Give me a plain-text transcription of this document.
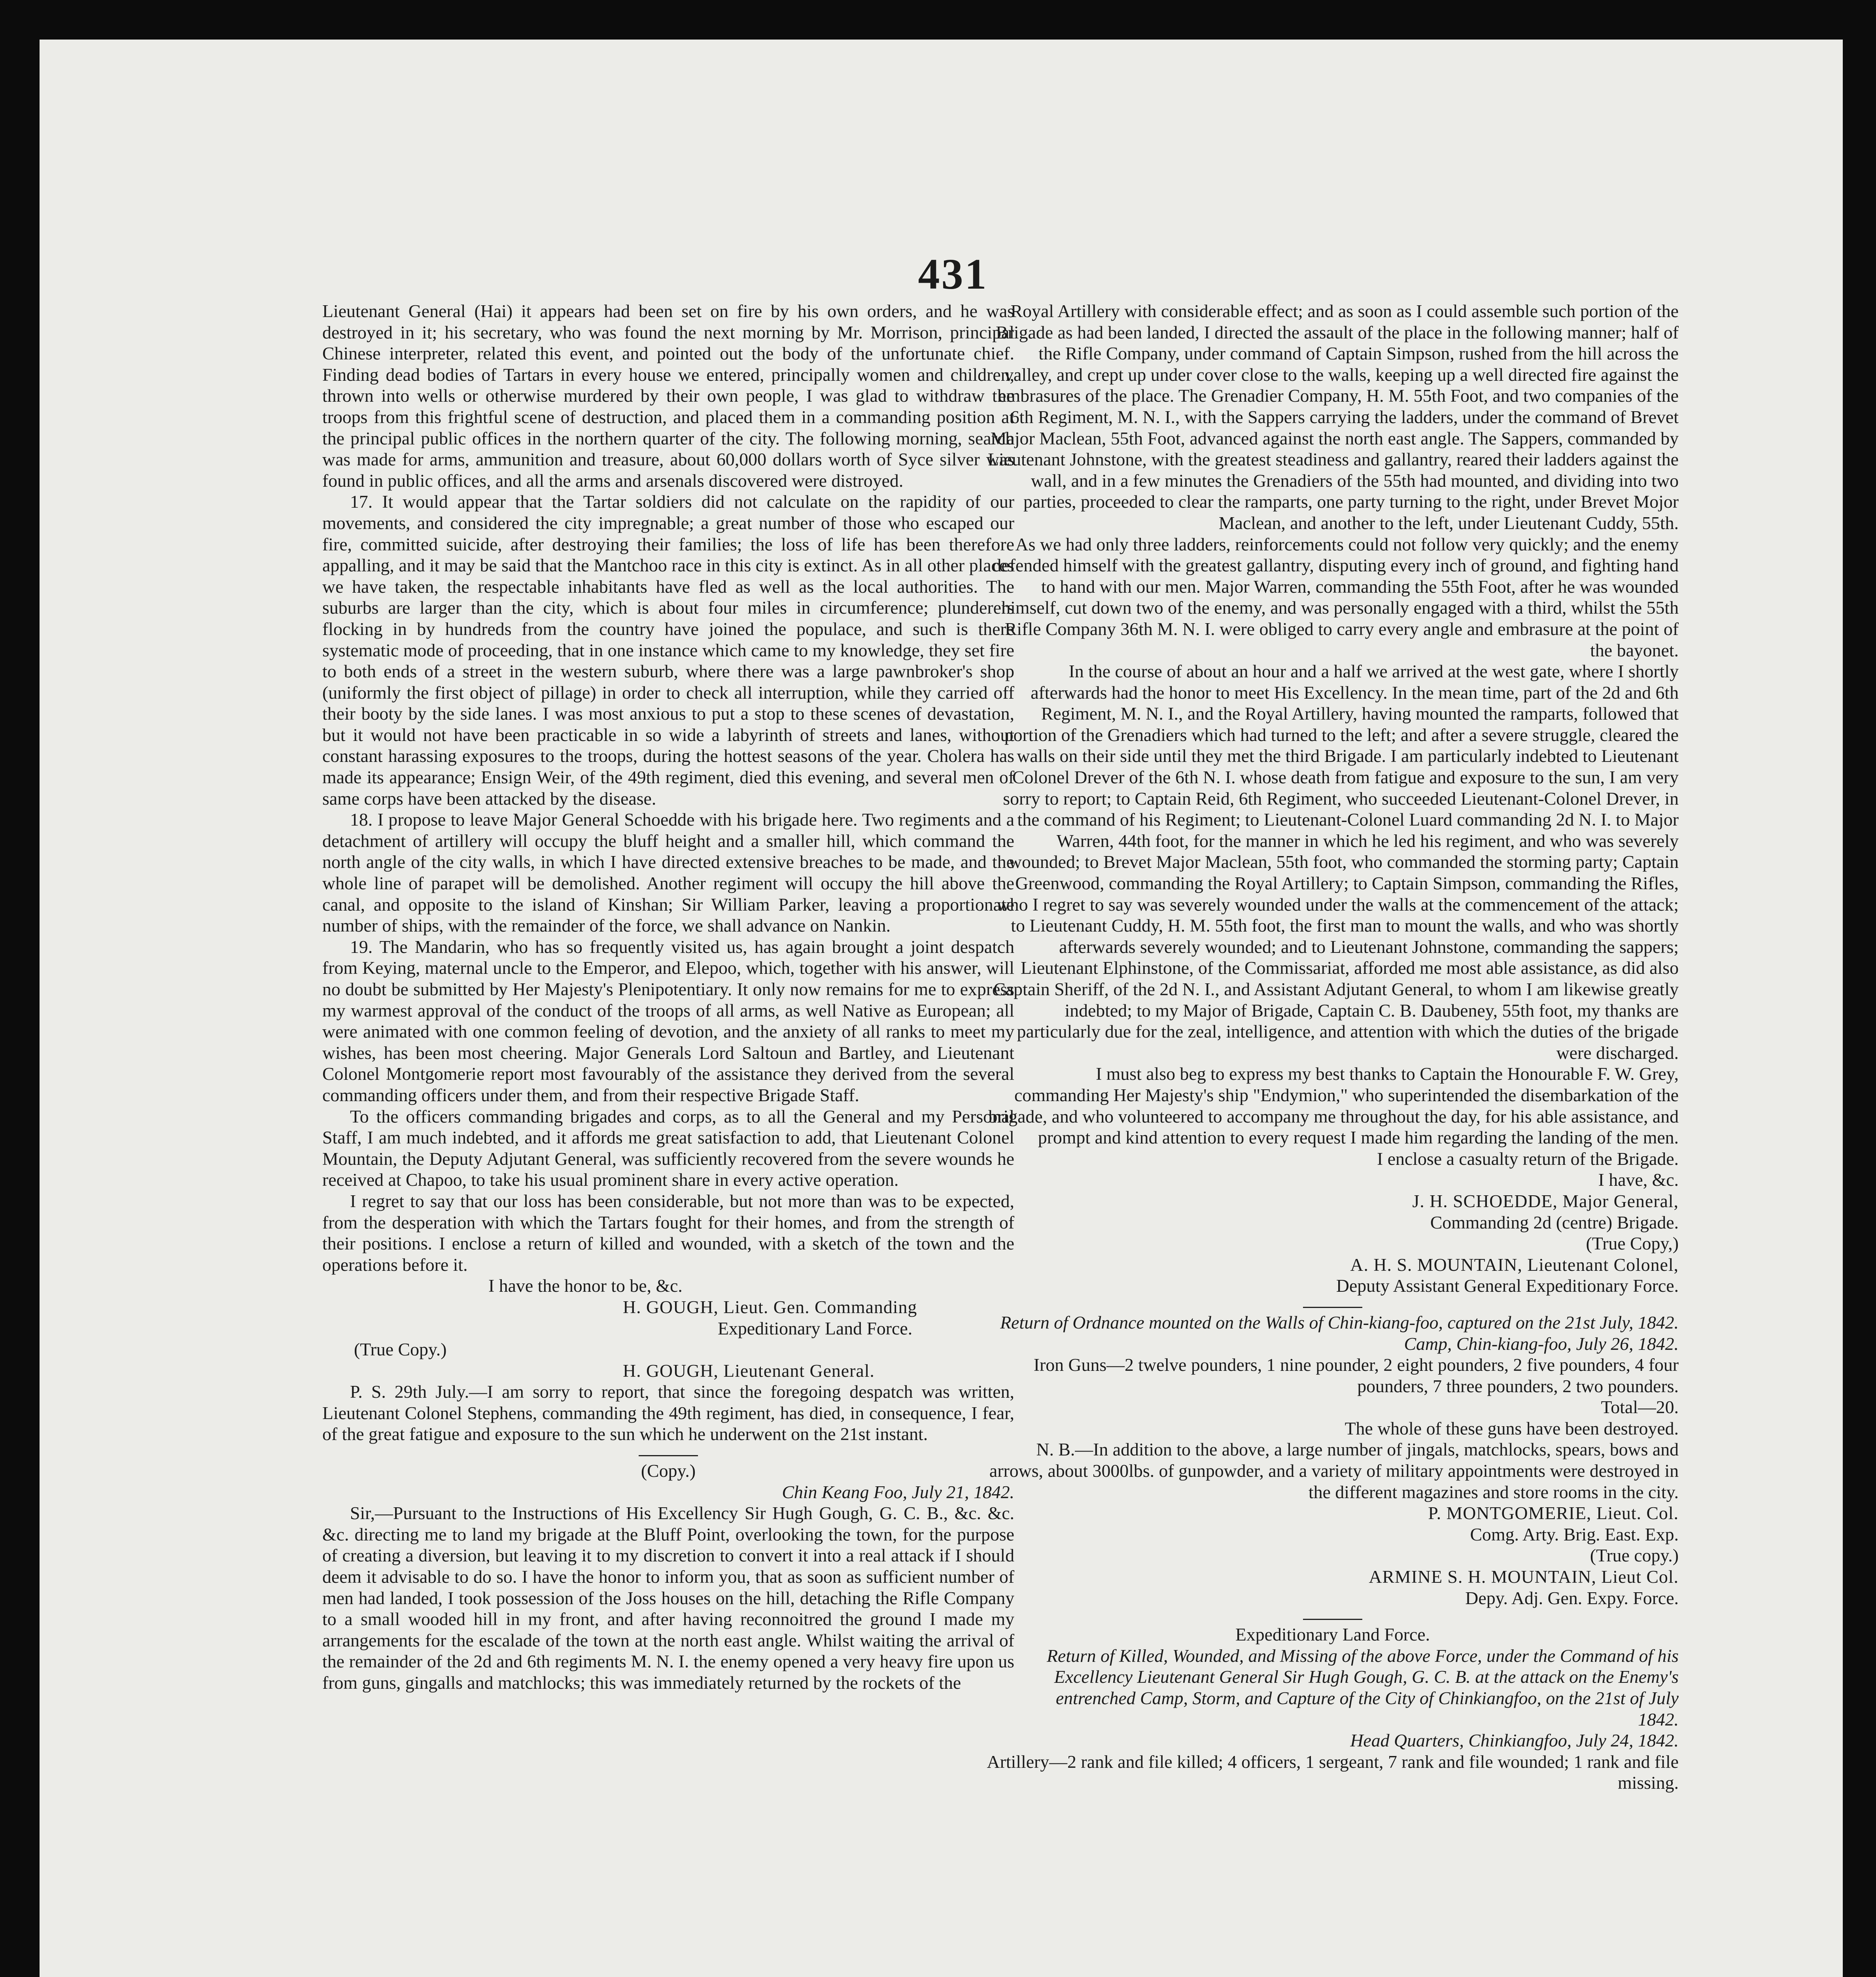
431

Lieutenant General (Hai) it appears had been set on fire by his own orders, and he was destroyed in it; his secretary, who was found the next morning by Mr. Morrison, principal Chinese interpreter, related this event, and pointed out the body of the unfortunate chief. Finding dead bodies of Tartars in every house we entered, principally women and children, thrown into wells or otherwise murdered by their own people, I was glad to withdraw the troops from this frightful scene of destruction, and placed them in a commanding position at the principal public offices in the northern quarter of the city. The following morning, search was made for arms, ammunition and treasure, about 60,000 dollars worth of Syce silver was found in public offices, and all the arms and arsenals discovered were distroyed.

17. It would appear that the Tartar soldiers did not calculate on the rapidity of our movements, and considered the city impregnable; a great number of those who escaped our fire, committed suicide, after destroying their families; the loss of life has been therefore appalling, and it may be said that the Mantchoo race in this city is extinct. As in all other places we have taken, the respectable inhabitants have fled as well as the local authorities. The suburbs are larger than the city, which is about four miles in circumference; plunderers flocking in by hundreds from the country have joined the populace, and such is there systematic mode of proceeding, that in one instance which came to my knowledge, they set fire to both ends of a street in the western suburb, where there was a large pawnbroker's shop (uniformly the first object of pillage) in order to check all interruption, while they carried off their booty by the side lanes. I was most anxious to put a stop to these scenes of devastation, but it would not have been practicable in so wide a labyrinth of streets and lanes, without constant harassing exposures to the troops, during the hottest seasons of the year. Cholera has made its appearance; Ensign Weir, of the 49th regiment, died this evening, and several men of same corps have been attacked by the disease.

18. I propose to leave Major General Schoedde with his brigade here. Two regiments and a detachment of artillery will occupy the bluff height and a smaller hill, which command the north angle of the city walls, in which I have directed extensive breaches to be made, and the whole line of parapet will be demolished. Another regiment will occupy the hill above the canal, and opposite to the island of Kinshan; Sir William Parker, leaving a proportionate number of ships, with the remainder of the force, we shall advance on Nankin.

19. The Mandarin, who has so frequently visited us, has again brought a joint despatch from Keying, maternal uncle to the Emperor, and Elepoo, which, together with his answer, will no doubt be submitted by Her Majesty's Plenipotentiary. It only now remains for me to express my warmest approval of the conduct of the troops of all arms, as well Native as European; all were animated with one common feeling of devotion, and the anxiety of all ranks to meet my wishes, has been most cheering. Major Generals Lord Saltoun and Bartley, and Lieutenant Colonel Montgomerie report most favourably of the assistance they derived from the several commanding officers under them, and from their respective Brigade Staff.

To the officers commanding brigades and corps, as to all the General and my Personal Staff, I am much indebted, and it affords me great satisfaction to add, that Lieutenant Colonel Mountain, the Deputy Adjutant General, was sufficiently recovered from the severe wounds he received at Chapoo, to take his usual prominent share in every active operation.

I regret to say that our loss has been considerable, but not more than was to be expected, from the desperation with which the Tartars fought for their homes, and from the strength of their positions. I enclose a return of killed and wounded, with a sketch of the town and the operations before it.

I have the honor to be, &c.
H. GOUGH, Lieut. Gen. Commanding
Expeditionary Land Force.
(True Copy.)
H. GOUGH, Lieutenant General.

P. S. 29th July.—I am sorry to report, that since the foregoing despatch was written, Lieutenant Colonel Stephens, commanding the 49th regiment, has died, in consequence, I fear, of the great fatigue and exposure to the sun which he underwent on the 21st instant.

(Copy.)
Chin Keang Foo, July 21, 1842.

Sir,—Pursuant to the Instructions of His Excellency Sir Hugh Gough, G. C. B., &c. &c. &c. directing me to land my brigade at the Bluff Point, overlooking the town, for the purpose of creating a diversion, but leaving it to my discretion to convert it into a real attack if I should deem it advisable to do so. I have the honor to inform you, that as soon as sufficient number of men had landed, I took possession of the Joss houses on the hill, detaching the Rifle Company to a small wooded hill in my front, and after having reconnoitred the ground I made my arrangements for the escalade of the town at the north east angle. Whilst waiting the arrival of the remainder of the 2d and 6th regiments M. N. I. the enemy opened a very heavy fire upon us from guns, gingalls and matchlocks; this was immediately returned by the rockets of the

Royal Artillery with considerable effect; and as soon as I could assemble such portion of the Brigade as had been landed, I directed the assault of the place in the following manner; half of the Rifle Company, under command of Captain Simpson, rushed from the hill across the valley, and crept up under cover close to the walls, keeping up a well directed fire against the embrasures of the place. The Grenadier Company, H. M. 55th Foot, and two companies of the 6th Regiment, M. N. I., with the Sappers carrying the ladders, under the command of Brevet Major Maclean, 55th Foot, advanced against the north east angle. The Sappers, commanded by Lieutenant Johnstone, with the greatest steadiness and gallantry, reared their ladders against the wall, and in a few minutes the Grenadiers of the 55th had mounted, and dividing into two parties, proceeded to clear the ramparts, one party turning to the right, under Brevet Mojor Maclean, and another to the left, under Lieutenant Cuddy, 55th.

As we had only three ladders, reinforcements could not follow very quickly; and the enemy defended himself with the greatest gallantry, disputing every inch of ground, and fighting hand to hand with our men. Major Warren, commanding the 55th Foot, after he was wounded himself, cut down two of the enemy, and was personally engaged with a third, whilst the 55th Rifle Company 36th M. N. I. were obliged to carry every angle and embrasure at the point of the bayonet.

In the course of about an hour and a half we arrived at the west gate, where I shortly afterwards had the honor to meet His Excellency. In the mean time, part of the 2d and 6th Regiment, M. N. I., and the Royal Artillery, having mounted the ramparts, followed that portion of the Grenadiers which had turned to the left; and after a severe struggle, cleared the walls on their side until they met the third Brigade. I am particularly indebted to Lieutenant Colonel Drever of the 6th N. I. whose death from fatigue and exposure to the sun, I am very sorry to report; to Captain Reid, 6th Regiment, who succeeded Lieutenant-Colonel Drever, in the command of his Regiment; to Lieutenant-Colonel Luard commanding 2d N. I. to Major Warren, 44th foot, for the manner in which he led his regiment, and who was severely wounded; to Brevet Major Maclean, 55th foot, who commanded the storming party; Captain Greenwood, commanding the Royal Artillery; to Captain Simpson, commanding the Rifles, who I regret to say was severely wounded under the walls at the commencement of the attack; to Lieutenant Cuddy, H. M. 55th foot, the first man to mount the walls, and who was shortly afterwards severely wounded; and to Lieutenant Johnstone, commanding the sappers; Lieutenant Elphinstone, of the Commissariat, afforded me most able assistance, as did also Captain Sheriff, of the 2d N. I., and Assistant Adjutant General, to whom I am likewise greatly indebted; to my Major of Brigade, Captain C. B. Daubeney, 55th foot, my thanks are particularly due for the zeal, intelligence, and attention with which the duties of the brigade were discharged.

I must also beg to express my best thanks to Captain the Honourable F. W. Grey, commanding Her Majesty's ship "Endymion," who superintended the disembarkation of the brigade, and who volunteered to accompany me throughout the day, for his able assistance, and prompt and kind attention to every request I made him regarding the landing of the men.

I enclose a casualty return of the Brigade.

I have, &c.
J. H. SCHOEDDE, Major General,
Commanding 2d (centre) Brigade.
(True Copy,)
A. H. S. MOUNTAIN, Lieutenant Colonel,
Deputy Assistant General Expeditionary Force.
Return of Ordnance mounted on the Walls of Chin-kiang-foo, captured on the 21st July, 1842.
Camp, Chin-kiang-foo, July 26, 1842.
Iron Guns—2 twelve pounders, 1 nine pounder, 2 eight pounders, 2 five pounders, 4 four pounders, 7 three pounders, 2 two pounders.
Total—20.
The whole of these guns have been destroyed.

N. B.—In addition to the above, a large number of jingals, matchlocks, spears, bows and arrows, about 3000lbs. of gunpowder, and a variety of military appointments were destroyed in the different magazines and store rooms in the city.

P. MONTGOMERIE, Lieut. Col.
Comg. Arty. Brig. East. Exp.
(True copy.)
ARMINE S. H. MOUNTAIN, Lieut Col.
Depy. Adj. Gen. Expy. Force.
Expeditionary Land Force.
Return of Killed, Wounded, and Missing of the above Force, under the Command of his Excellency Lieutenant General Sir Hugh Gough, G. C. B. at the attack on the Enemy's entrenched Camp, Storm, and Capture of the City of Chinkiangfoo, on the 21st of July 1842.
Head Quarters, Chinkiangfoo, July 24, 1842.
Artillery—2 rank and file killed; 4 officers, 1 sergeant, 7 rank and file wounded; 1 rank and file missing.
